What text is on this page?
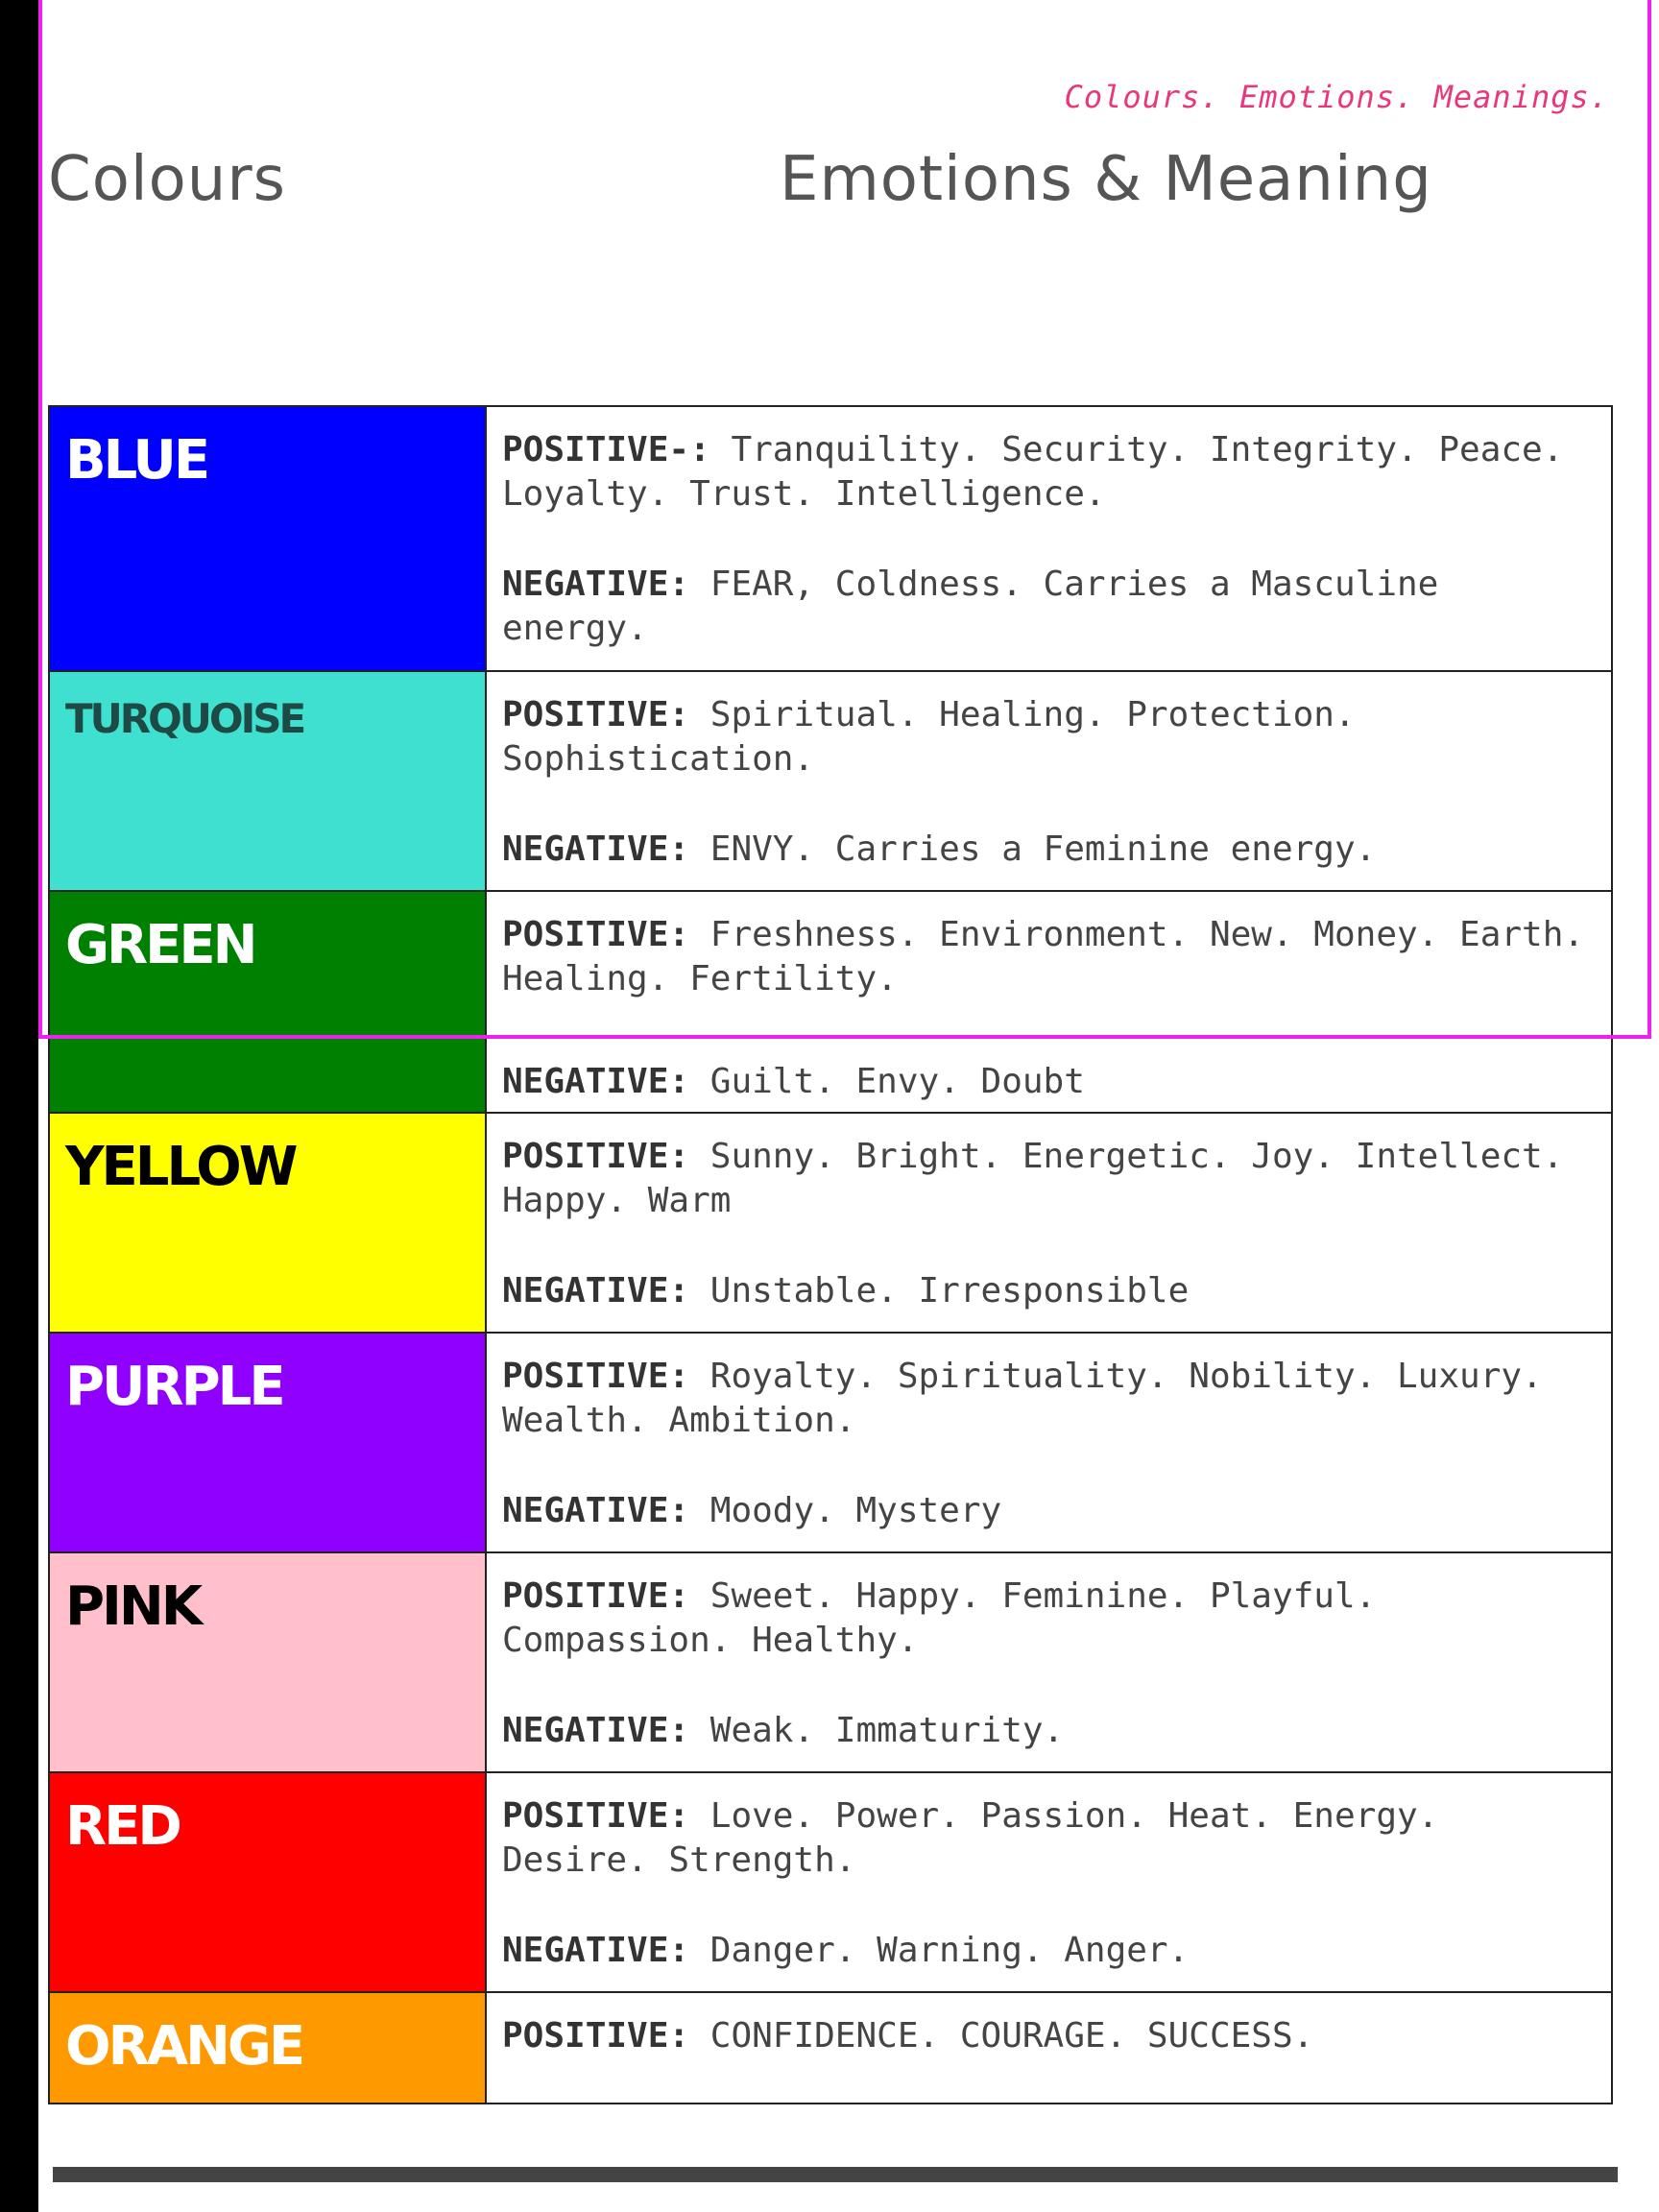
Colours. Emotions. Meanings.
Colours	Emotions & Meaning
BLUE	POSITIVE-: Tranquility. Security. Integrity. Peace. Loyalty. Trust. Intelligence.

NEGATIVE: FEAR, Coldness. Carries a Masculine energy.

TURQUOISE	POSITIVE: Spiritual. Healing. Protection. Sophistication.

NEGATIVE: ENVY. Carries a Feminine energy.

GREEN	POSITIVE: Freshness. Environment. New. Money. Earth. Healing. Fertility.
NEGATIVE: Guilt. Envy. Doubt
YELLOW	POSITIVE: Sunny. Bright. Energetic. Joy. Intellect. Happy. Warm

NEGATIVE: Unstable. Irresponsible

PURPLE	POSITIVE: Royalty. Spirituality. Nobility. Luxury. Wealth. Ambition.

NEGATIVE: Moody. Mystery

PINK	POSITIVE: Sweet. Happy. Feminine. Playful. Compassion. Healthy.

NEGATIVE: Weak. Immaturity.

RED	POSITIVE: Love. Power. Passion. Heat. Energy. Desire. Strength.

NEGATIVE: Danger. Warning. Anger.

ORANGE	POSITIVE: CONFIDENCE. COURAGE. SUCCESS.
